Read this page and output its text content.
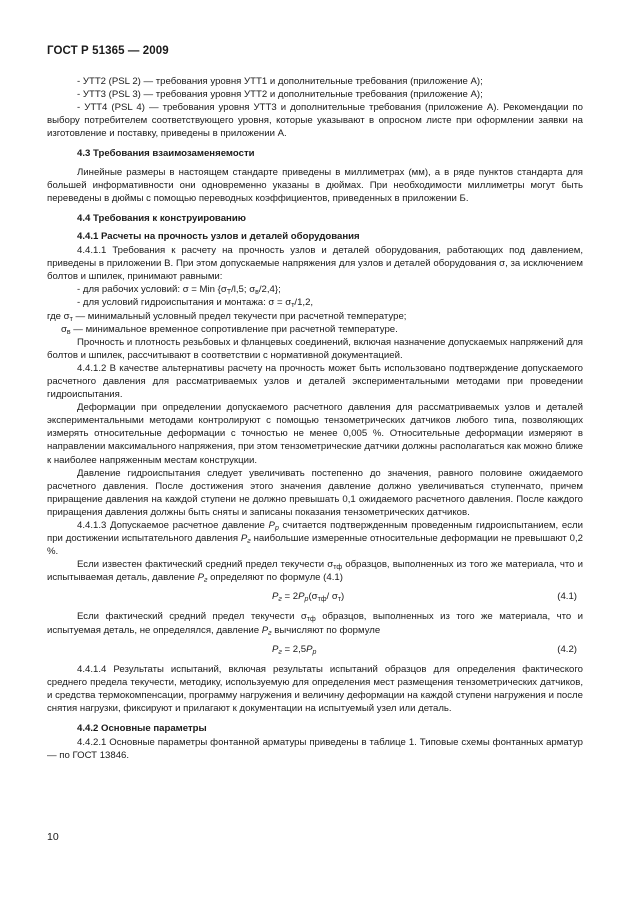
ГОСТ Р 51365 — 2009

- УТТ2 (PSL 2) — требования уровня УТТ1 и дополнительные требования (приложение А);

- УТТ3 (PSL 3) — требования уровня УТТ2 и дополнительные требования (приложение А);

- УТТ4 (PSL 4) — требования уровня УТТ3 и дополнительные требования (приложение А). Рекомендации по выбору потребителем соответствующего уровня, которые указывают в опросном листе при оформлении заявки на изготовление и поставку, приведены в приложении А.

4.3 Требования взаимозаменяемости

Линейные размеры в настоящем стандарте приведены в миллиметрах (мм), а в ряде пунктов стандарта для большей информативности они одновременно указаны в дюймах. При необходимости миллиметры могут быть переведены в дюймы с помощью переводных коэффициентов, приведенных в приложении Б.

4.4 Требования к конструированию

4.4.1 Расчеты на прочность узлов и деталей оборудования

4.4.1.1 Требования к расчету на прочность узлов и деталей оборудования, работающих под давлением, приведены в приложении В. При этом допускаемые напряжения для узлов и деталей оборудования σ, за исключением болтов и шпилек, принимают равными:

- для рабочих условий: σ = Min {$\sigma_T/l,5$; $\sigma_в/2,4$};

- для условий гидроиспытания и монтажа: $\sigma = \sigma_т/1,2$,

где $\sigma_т$ — минимальный условный предел текучести при расчетной температуре;

$\sigma_в$ — минимальное временное сопротивление при расчетной температуре.

Прочность и плотность резьбовых и фланцевых соединений, включая назначение допускаемых напряжений для болтов и шпилек, рассчитывают в соответствии с нормативной документацией.

4.4.1.2 В качестве альтернативы расчету на прочность может быть использовано подтверждение допускаемого расчетного давления для рассматриваемых узлов и деталей экспериментальными методами при проведении гидроиспытания.

Деформации при определении допускаемого расчетного давления для рассматриваемых узлов и деталей экспериментальными методами контролируют с помощью тензометрических датчиков любого типа, позволяющих измерять относительные деформации с точностью не менее 0,005 %. Относительные деформации измеряют в направлении максимального напряжения, при этом тензометрические датчики должны располагаться как можно ближе к наиболее напряженным местам конструкции.

Давление гидроиспытания следует увеличивать постепенно до значения, равного половине ожидаемого расчетного давления. После достижения этого значения давление должно увеличиваться ступенчато, причем приращение давления на каждой ступени не должно превышать 0,1 ожидаемого расчетного давления. После каждого приращения давления должны быть сняты и записаны показания тензометрических датчиков.

4.4.1.3 Допускаемое расчетное давление $P_p$ считается подтвержденным проведенным гидроиспытанием, если при достижении испытательного давления $P_г$ наибольшие измеренные относительные деформации не превышают 0,2 %.

Если известен фактический средний предел текучести $\sigma_{тф}$ образцов, выполненных из того же материала, что и испытываемая деталь, давление $P_г$ определяют по формуле (4.1)

$P_г = 2P_p(\sigma_{тф}/$ $\sigma_т$)	(4.1)

Если фактический средний предел текучести $\sigma_{тф}$ образцов, выполненных из того же материала, что и испытуемая деталь, не определялся, давление $P_г$ вычисляют по формуле

$P_г = 2,5P_p$	(4.2)

4.4.1.4 Результаты испытаний, включая результаты испытаний образцов для определения фактического среднего предела текучести, методику, используемую для определения мест размещения тензометрических датчиков, и средства термокомпенсации, программу нагружения и величину деформации на каждой ступени нагружения и после снятия нагрузки, фиксируют и прилагают к документации на испытуемый узел или деталь.

4.4.2 Основные параметры

4.4.2.1 Основные параметры фонтанной арматуры приведены в таблице 1. Типовые схемы фонтанных арматур — по ГОСТ 13846.

10
